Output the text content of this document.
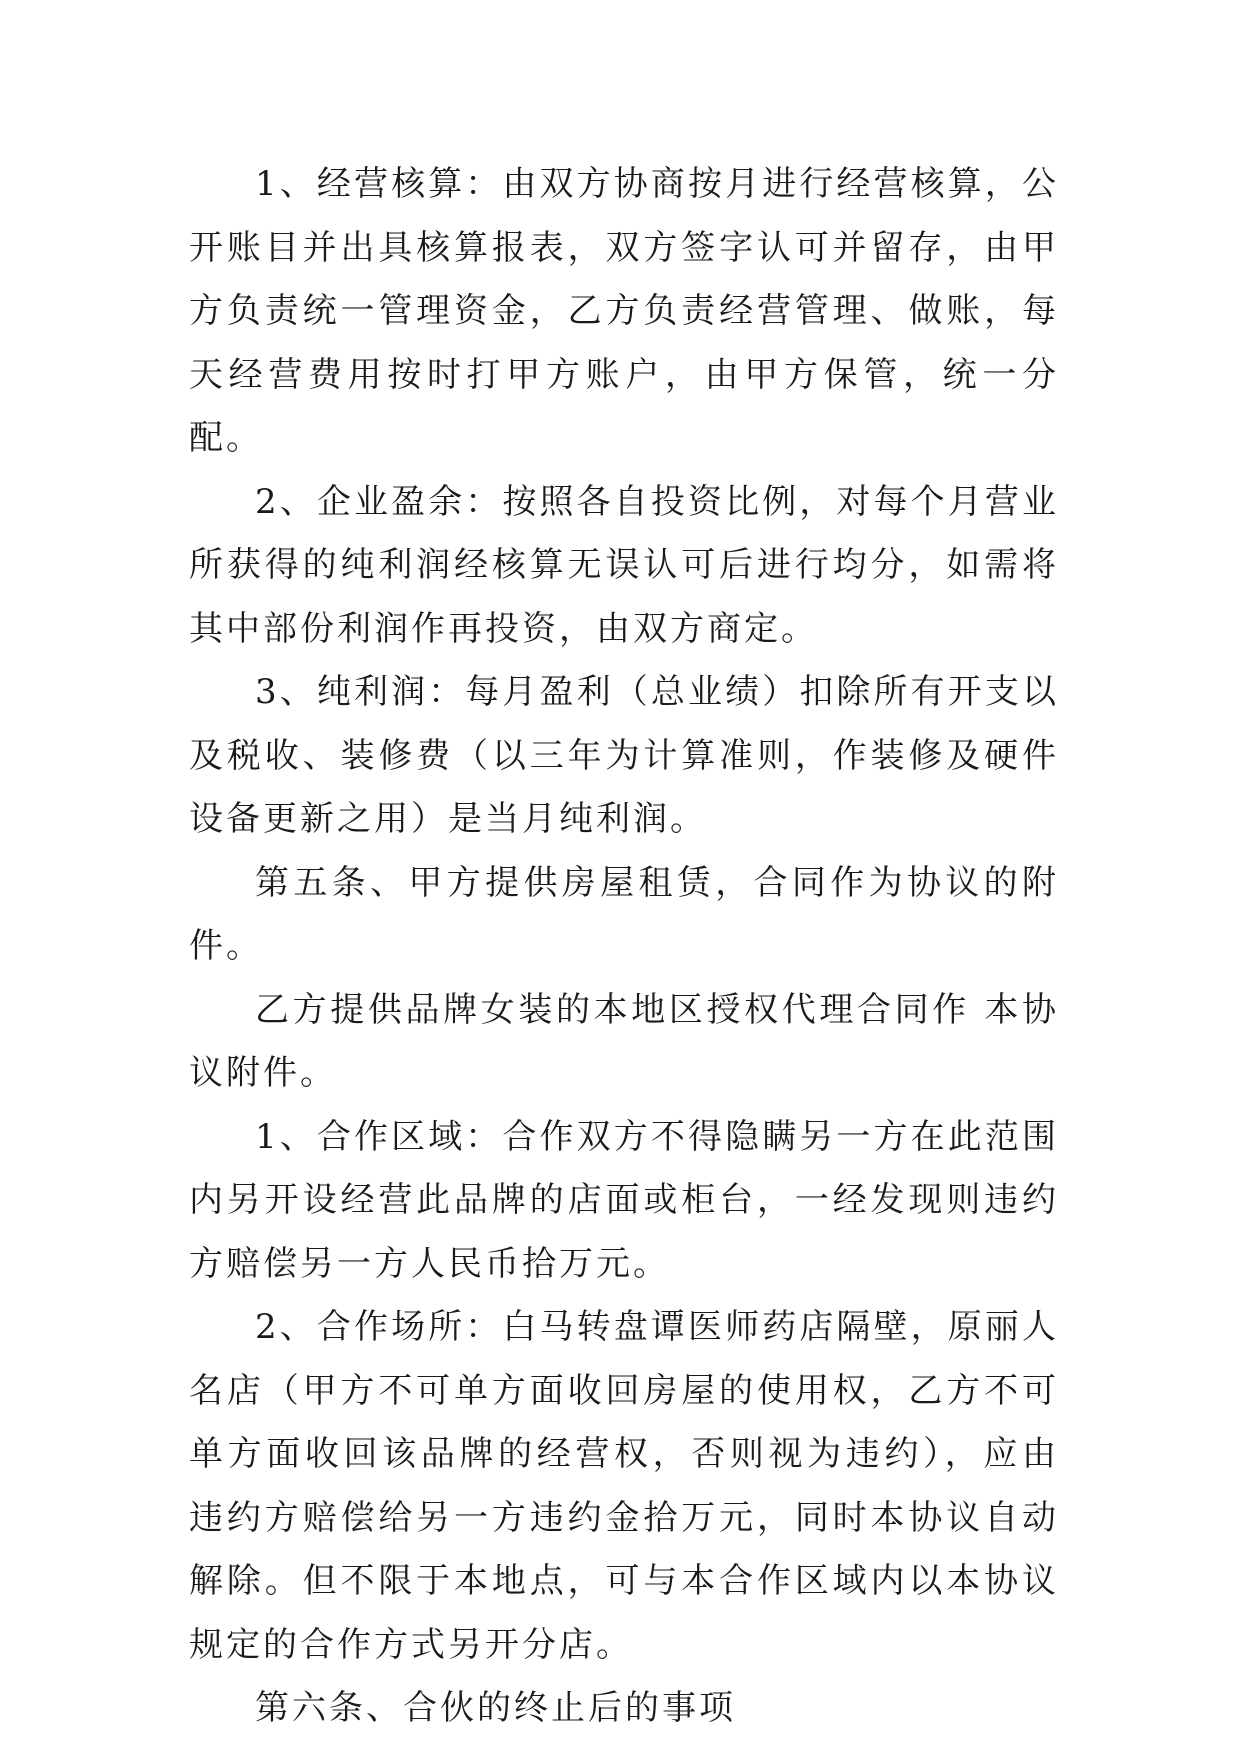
1、经营核算：由双方协商按月进行经营核算，公开账目并出具核算报表，双方签字认可并留存，由甲方负责统一管理资金，乙方负责经营管理、做账，每天经营费用按时打甲方账户，由甲方保管，统一分配。

2、企业盈余：按照各自投资比例，对每个月营业所获得的纯利润经核算无误认可后进行均分，如需将其中部份利润作再投资，由双方商定。

3、纯利润：每月盈利（总业绩）扣除所有开支以及税收、装修费（以三年为计算准则，作装修及硬件设备更新之用）是当月纯利润。

第五条、甲方提供房屋租赁，合同作为协议的附件。

乙方提供品牌女装的本地区授权代理合同作 本协议附件。

1、合作区域：合作双方不得隐瞒另一方在此范围内另开设经营此品牌的店面或柜台，一经发现则违约方赔偿另一方人民币拾万元。

2、合作场所：白马转盘谭医师药店隔壁，原丽人名店（甲方不可单方面收回房屋的使用权，乙方不可单方面收回该品牌的经营权，否则视为违约），应由违约方赔偿给另一方违约金拾万元，同时本协议自动解除。但不限于本地点，可与本合作区域内以本协议规定的合作方式另开分店。

第六条、合伙的终止后的事项
